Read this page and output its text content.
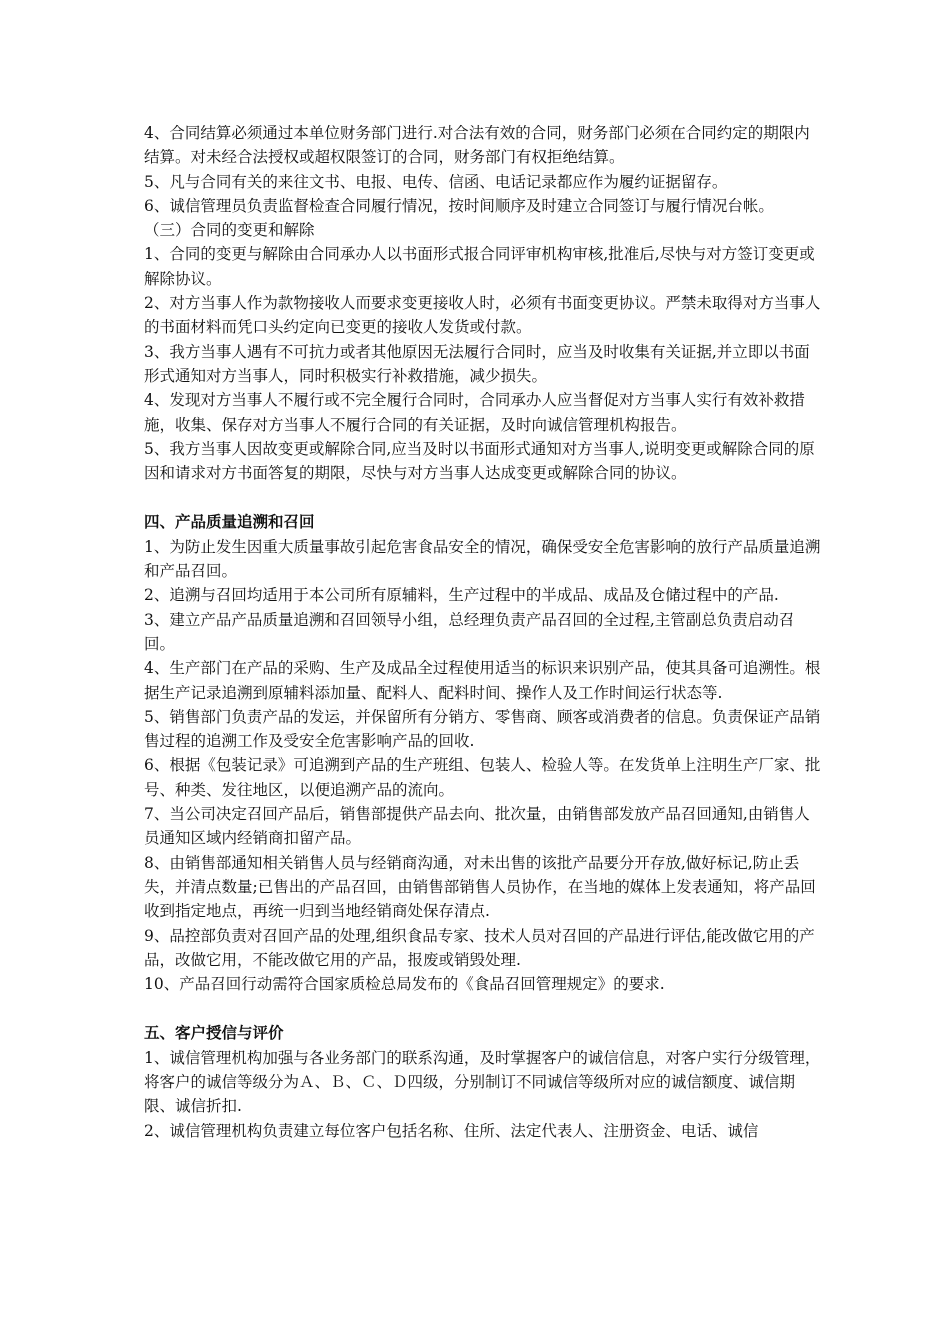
4、合同结算必须通过本单位财务部门进行.对合法有效的合同，财务部门必须在合同约定的期限内结算。对未经合法授权或超权限签订的合同，财务部门有权拒绝结算。

5、凡与合同有关的来往文书、电报、电传、信函、电话记录都应作为履约证据留存。

6、诚信管理员负责监督检查合同履行情况，按时间顺序及时建立合同签订与履行情况台帐。

（三）合同的变更和解除

1、合同的变更与解除由合同承办人以书面形式报合同评审机构审核,批准后,尽快与对方签订变更或解除协议。

2、对方当事人作为款物接收人而要求变更接收人时，必须有书面变更协议。严禁未取得对方当事人的书面材料而凭口头约定向已变更的接收人发货或付款。

3、我方当事人遇有不可抗力或者其他原因无法履行合同时，应当及时收集有关证据,并立即以书面形式通知对方当事人，同时积极实行补救措施，减少损失。

4、发现对方当事人不履行或不完全履行合同时，合同承办人应当督促对方当事人实行有效补救措施，收集、保存对方当事人不履行合同的有关证据，及时向诚信管理机构报告。

5、我方当事人因故变更或解除合同,应当及时以书面形式通知对方当事人,说明变更或解除合同的原因和请求对方书面答复的期限，尽快与对方当事人达成变更或解除合同的协议。

四、产品质量追溯和召回

1、为防止发生因重大质量事故引起危害食品安全的情况，确保受安全危害影响的放行产品质量追溯和产品召回。

2、追溯与召回均适用于本公司所有原辅料，生产过程中的半成品、成品及仓储过程中的产品.

3、建立产品产品质量追溯和召回领导小组，总经理负责产品召回的全过程,主管副总负责启动召回。

4、生产部门在产品的采购、生产及成品全过程使用适当的标识来识别产品，使其具备可追溯性。根据生产记录追溯到原辅料添加量、配料人、配料时间、操作人及工作时间运行状态等.

5、销售部门负责产品的发运，并保留所有分销方、零售商、顾客或消费者的信息。负责保证产品销售过程的追溯工作及受安全危害影响产品的回收.

6、根据《包装记录》可追溯到产品的生产班组、包装人、检验人等。在发货单上注明生产厂家、批号、种类、发往地区，以便追溯产品的流向。

7、当公司决定召回产品后，销售部提供产品去向、批次量，由销售部发放产品召回通知,由销售人员通知区域内经销商扣留产品。

8、由销售部通知相关销售人员与经销商沟通，对未出售的该批产品要分开存放,做好标记,防止丢失，并清点数量;已售出的产品召回，由销售部销售人员协作，在当地的媒体上发表通知，将产品回收到指定地点，再统一归到当地经销商处保存清点.

9、品控部负责对召回产品的处理,组织食品专家、技术人员对召回的产品进行评估,能改做它用的产品，改做它用，不能改做它用的产品，报废或销毁处理.

10、产品召回行动需符合国家质检总局发布的《食品召回管理规定》的要求.

五、客户授信与评价

1、诚信管理机构加强与各业务部门的联系沟通，及时掌握客户的诚信信息，对客户实行分级管理，将客户的诚信等级分为Ａ、Ｂ、Ｃ、Ｄ四级，分别制订不同诚信等级所对应的诚信额度、诚信期限、诚信折扣.

2、诚信管理机构负责建立每位客户包括名称、住所、法定代表人、注册资金、电话、诚信
